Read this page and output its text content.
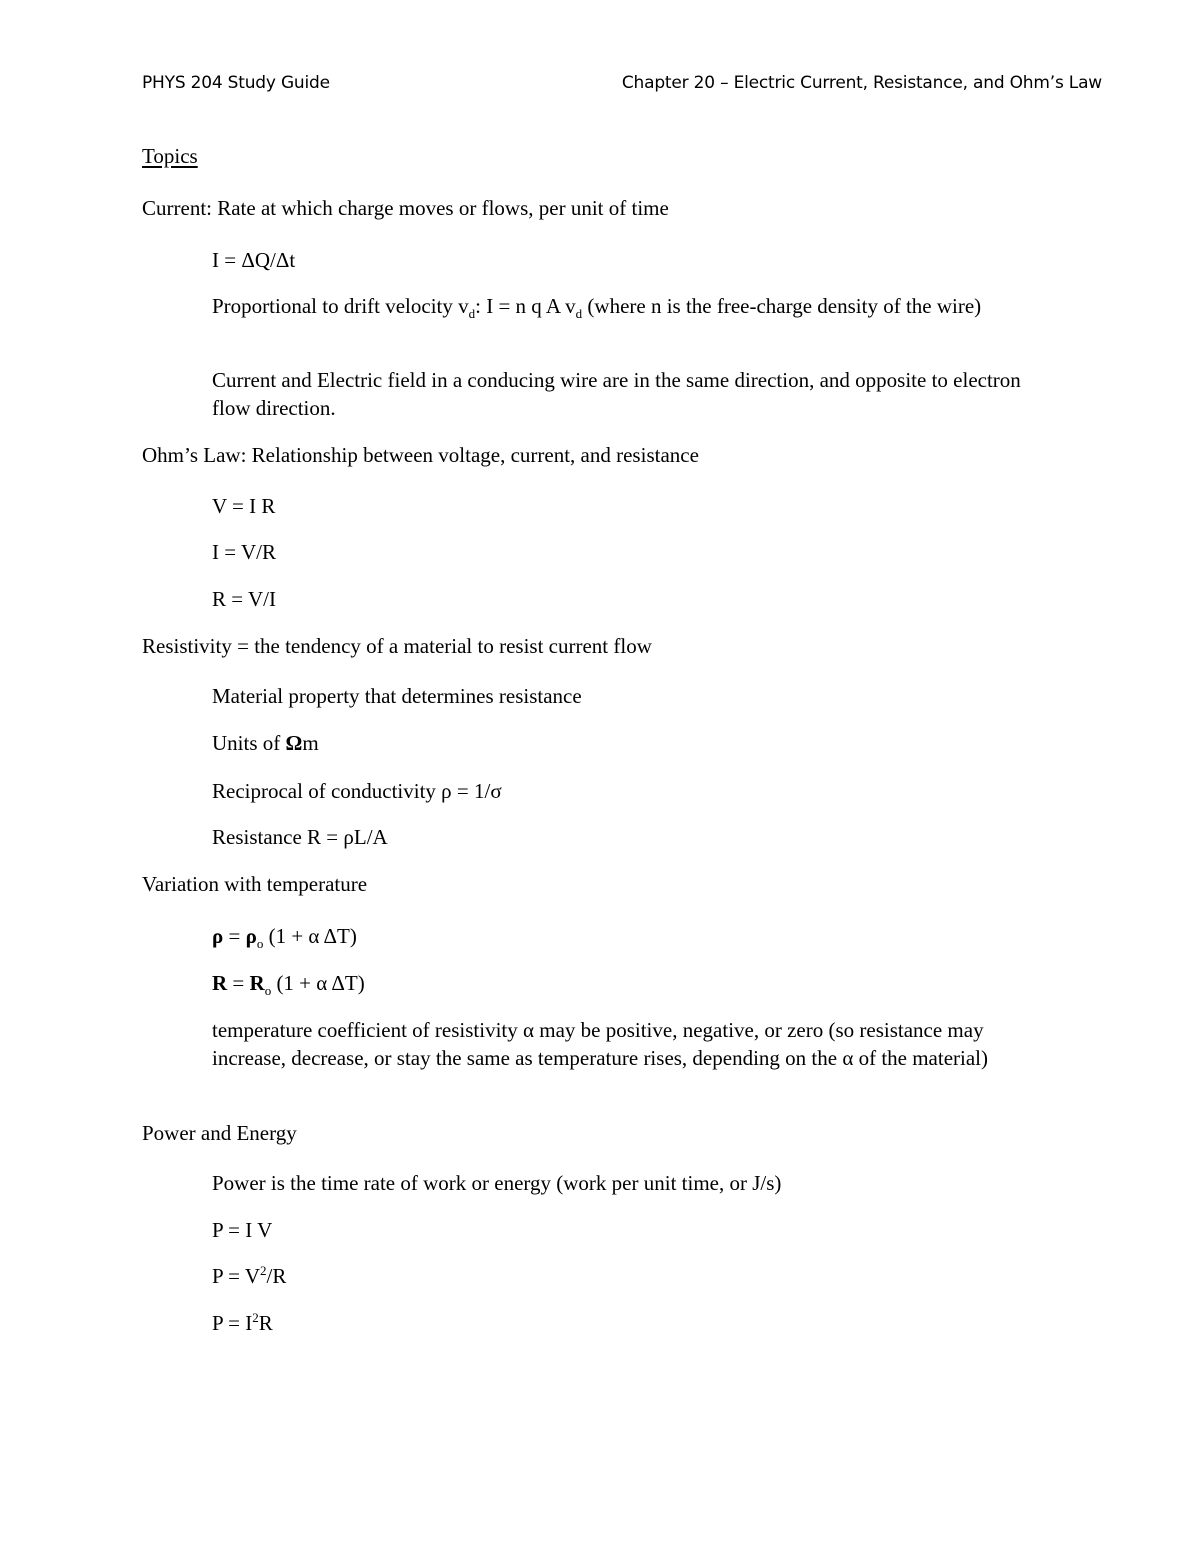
PHYS 204 Study Guide	Chapter 20 – Electric Current, Resistance, and Ohm’s Law
Topics
Current: Rate at which charge moves or flows, per unit of time
I = ΔQ/Δt
Proportional to drift velocity $v_d$: I = n q A $v_d$ (where n is the free-charge density of the wire)
Current and Electric field in a conducing wire are in the same direction, and opposite to electron flow direction.
Ohm’s Law: Relationship between voltage, current, and resistance
V = I R
I = V/R
R = V/I
Resistivity = the tendency of a material to resist current flow
Material property that determines resistance
Units of Ωm
Reciprocal of conductivity ρ = 1/σ
Resistance R = ρL/A
Variation with temperature
$\rho = \rho_o$ (1 + α ΔT)
$R = R_o$ (1 + α ΔT)
temperature coefficient of resistivity α may be positive, negative, or zero (so resistance may increase, decrease, or stay the same as temperature rises, depending on the α of the material)
Power and Energy
Power is the time rate of work or energy (work per unit time, or J/s)
P = I V
$P = V^2/R$
$P = I^2R$
